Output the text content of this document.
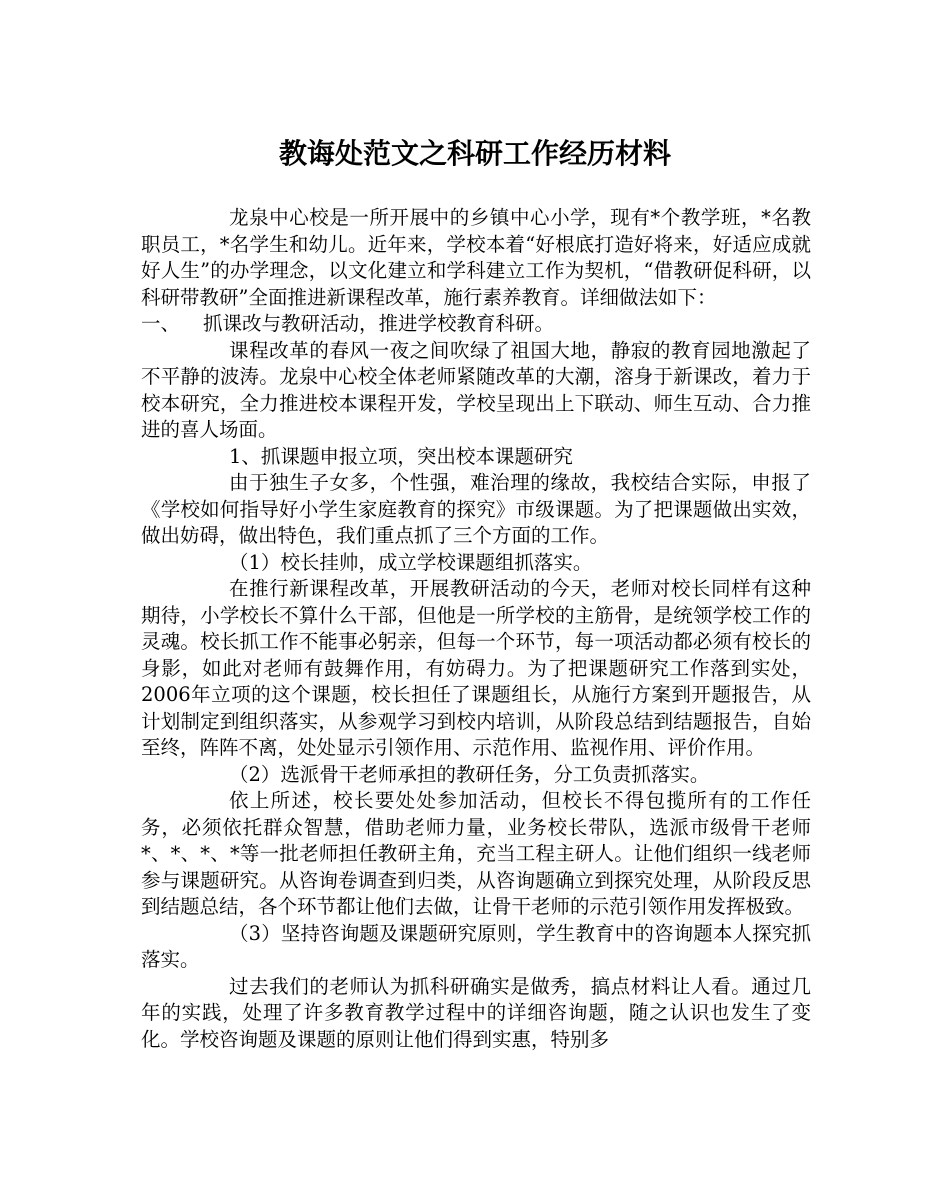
教诲处范文之科研工作经历材料

龙泉中心校是一所开展中的乡镇中心小学，现有*个教学班，*名教职员工，*名学生和幼儿。近年来，学校本着“好根底打造好将来，好适应成就好人生”的办学理念，以文化建立和学科建立工作为契机，“借教研促科研，以科研带教研”全面推进新课程改革，施行素养教育。详细做法如下：

一、 抓课改与教研活动，推进学校教育科研。

课程改革的春风一夜之间吹绿了祖国大地，静寂的教育园地激起了不平静的波涛。龙泉中心校全体老师紧随改革的大潮，溶身于新课改，着力于校本研究，全力推进校本课程开发，学校呈现出上下联动、师生互动、合力推进的喜人场面。

1、抓课题申报立项，突出校本课题研究

由于独生子女多，个性强，难治理的缘故，我校结合实际，申报了《学校如何指导好小学生家庭教育的探究》市级课题。为了把课题做出实效，做出妨碍，做出特色，我们重点抓了三个方面的工作。

（1）校长挂帅，成立学校课题组抓落实。

在推行新课程改革，开展教研活动的今天，老师对校长同样有这种期待，小学校长不算什么干部，但他是一所学校的主筋骨，是统领学校工作的灵魂。校长抓工作不能事必躬亲，但每一个环节，每一项活动都必须有校长的身影，如此对老师有鼓舞作用，有妨碍力。为了把课题研究工作落到实处，2006年立项的这个课题，校长担任了课题组长，从施行方案到开题报告，从计划制定到组织落实，从参观学习到校内培训，从阶段总结到结题报告，自始至终，阵阵不离，处处显示引领作用、示范作用、监视作用、评价作用。

（2）选派骨干老师承担的教研任务，分工负责抓落实。

依上所述，校长要处处参加活动，但校长不得包揽所有的工作任务，必须依托群众智慧，借助老师力量，业务校长带队，选派市级骨干老师*、*、*、*等一批老师担任教研主角，充当工程主研人。让他们组织一线老师参与课题研究。从咨询卷调查到归类，从咨询题确立到探究处理，从阶段反思到结题总结，各个环节都让他们去做，让骨干老师的示范引领作用发挥极致。

（3）坚持咨询题及课题研究原则，学生教育中的咨询题本人探究抓落实。

过去我们的老师认为抓科研确实是做秀，搞点材料让人看。通过几年的实践，处理了许多教育教学过程中的详细咨询题，随之认识也发生了变化。学校咨询题及课题的原则让他们得到实惠，特别多
